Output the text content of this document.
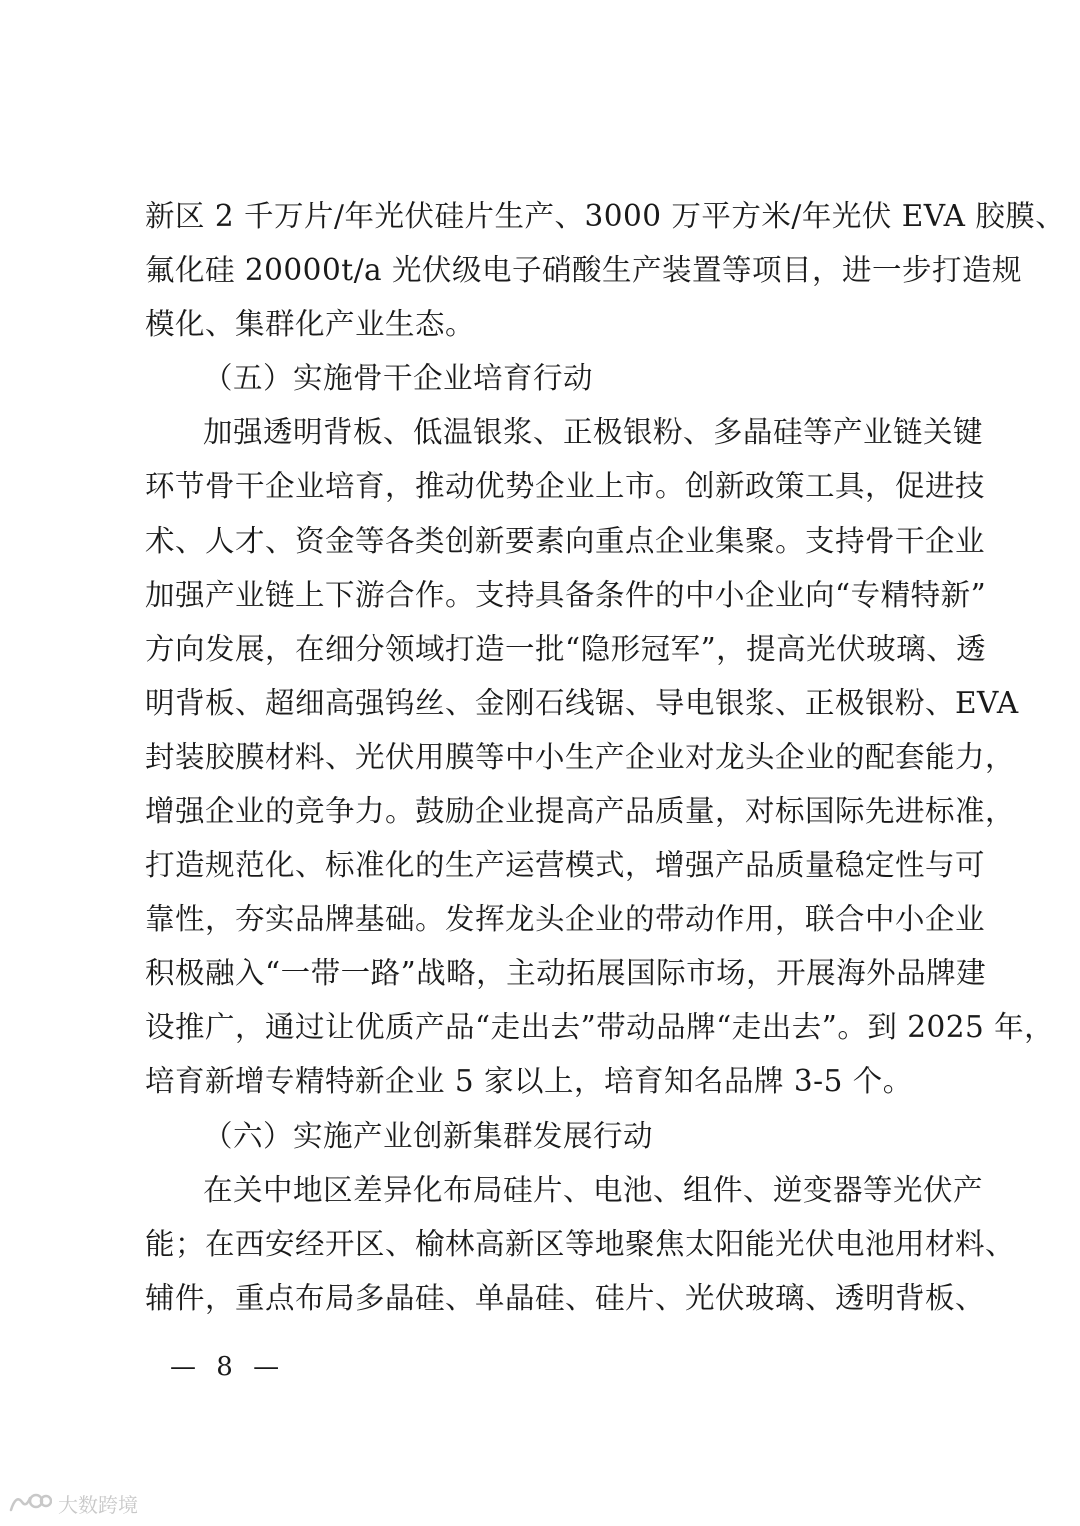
新区 2 千万片/年光伏硅片生产、3000 万平方米/年光伏 EVA 胶膜、
氟化硅 20000t/a 光伏级电子硝酸生产装置等项目，进一步打造规
模化、集群化产业生态。
（五）实施骨干企业培育行动
加强透明背板、低温银浆、正极银粉、多晶硅等产业链关键
环节骨干企业培育，推动优势企业上市。创新政策工具，促进技
术、人才、资金等各类创新要素向重点企业集聚。支持骨干企业
加强产业链上下游合作。支持具备条件的中小企业向“专精特新”
方向发展，在细分领域打造一批“隐形冠军”，提高光伏玻璃、透
明背板、超细高强钨丝、金刚石线锯、导电银浆、正极银粉、EVA
封装胶膜材料、光伏用膜等中小生产企业对龙头企业的配套能力，
增强企业的竞争力。鼓励企业提高产品质量，对标国际先进标准，
打造规范化、标准化的生产运营模式，增强产品质量稳定性与可
靠性，夯实品牌基础。发挥龙头企业的带动作用，联合中小企业
积极融入“一带一路”战略，主动拓展国际市场，开展海外品牌建
设推广，通过让优质产品“走出去”带动品牌“走出去”。到 2025 年，
培育新增专精特新企业 5 家以上，培育知名品牌 3-5 个。
（六）实施产业创新集群发展行动
在关中地区差异化布局硅片、电池、组件、逆变器等光伏产
能；在西安经开区、榆林高新区等地聚焦太阳能光伏电池用材料、
辅件，重点布局多晶硅、单晶硅、硅片、光伏玻璃、透明背板、
— 8 —
大数跨境
